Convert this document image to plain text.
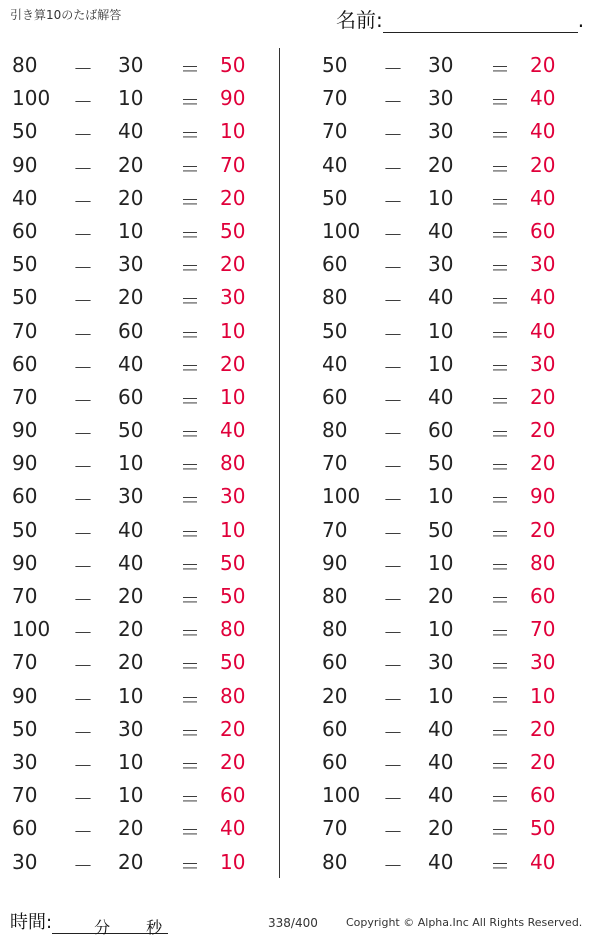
引き算10のたば解答	名前:	.
80	－ 30	＝ 50
100	－ 10	＝ 90
50	－ 40	＝ 10
90	－ 20	＝ 70
40	－ 20	＝ 20
60	－ 10	＝ 50
50	－ 30	＝ 20
50	－ 20	＝ 30
70	－ 60	＝ 10
60	－ 40	＝ 20
70	－ 60	＝ 10
90	－ 50	＝ 40
90	－ 10	＝ 80
60	－ 30	＝ 30
50	－ 40	＝ 10
90	－ 40	＝ 50
70	－ 20	＝ 50
100	－ 20	＝ 80
70	－ 20	＝ 50
90	－ 10	＝ 80
50	－ 30	＝ 20
30	－ 10	＝ 20
70	－ 10	＝ 60
60	－ 20	＝ 40
30	－ 20	＝ 10
50	－ 30	＝ 20
70	－ 30	＝ 40
70	－ 30	＝ 40
40	－ 20	＝ 20
50	－ 10	＝ 40
100	－ 40	＝ 60
60	－ 30	＝ 30
80	－ 40	＝ 40
50	－ 10	＝ 40
40	－ 10	＝ 30
60	－ 40	＝ 20
80	－ 60	＝ 20
70	－ 50	＝ 20
100	－ 10	＝ 90
70	－ 50	＝ 20
90	－ 10	＝ 80
80	－ 20	＝ 60
80	－ 10	＝ 70
60	－ 30	＝ 30
20	－ 10	＝ 10
60	－ 40	＝ 20
60	－ 40	＝ 20
100	－ 40	＝ 60
70	－ 20	＝ 50
80	－ 40	＝ 40
時間:	分 秒	338/400	Copyright © Alpha.Inc All Rights Reserved.
